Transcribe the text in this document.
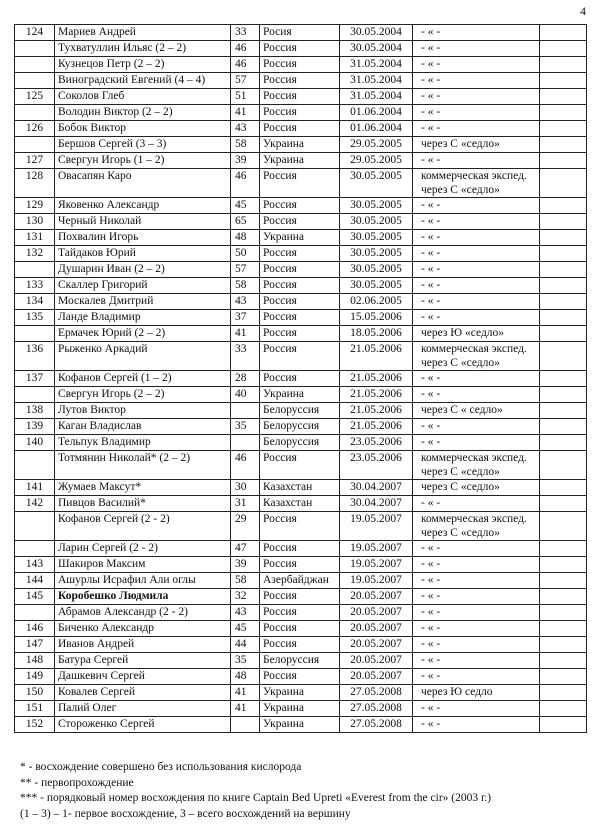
4
124	Мариев Андрей	33	Росия	30.05.2004	- « -	
	Тухватуллин Ильяс (2 – 2)	46	Россия	30.05.2004	- « -	
	Кузнецов Петр (2 – 2)	46	Россия	31.05.2004	- « -	
	Виноградский Евгений (4 – 4)	57	Россия	31.05.2004	- « -	
125	Соколов Глеб	51	Россия	31.05.2004	- « -	
	Володин Виктор (2 – 2)	41	Россия	01.06.2004	- « -	
126	Бобок Виктор	43	Россия	01.06.2004	- « -	
	Бершов Сергей (3 – 3)	58	Украина	29.05.2005	через С «седло»	
127	Свергун Игорь (1 – 2)	39	Украина	29.05.2005	- « -	
128	Овасапян Каро	46	Россия	30.05.2005	коммерческая экспед. через С «седло»	
129	Яковенко Александр	45	Россия	30.05.2005	- « -	
130	Черный Николай	65	Россия	30.05.2005	- « -	
131	Похвалин Игорь	48	Украина	30.05.2005	- « -	
132	Тайдаков Юрий	50	Россия	30.05.2005	- « -	
	Душарин Иван (2 – 2)	57	Россия	30.05.2005	- « -	
133	Скаллер Григорий	58	Россия	30.05.2005	- « -	
134	Москалев Дмитрий	43	Россия	02.06.2005	- « -	
135	Ланде Владимир	37	Россия	15.05.2006	- « -	
	Ермачек Юрий (2 – 2)	41	Россия	18.05.2006	через Ю «седло»	
136	Рыженко Аркадий	33	Россия	21.05.2006	коммерческая экспед. через С «седло»	
137	Кофанов Сергей (1 – 2)	28	Россия	21.05.2006	- « -	
	Свергун Игорь (2 – 2)	40	Украина	21.05.2006	- « -	
138	Лутов Виктор		Белоруссия	21.05.2006	через С « седло»	
139	Каган Владислав	35	Белоруссия	21.05.2006	- « -	
140	Тельпук Владимир		Белоруссия	23.05.2006	- « -	
	Тотмянин Николай* (2 – 2)	46	Россия	23.05.2006	коммерческая экспед. через С «седло»	
141	Жумаев Максут*	30	Казахстан	30.04.2007	через С «седло»	
142	Пивцов Василий*	31	Казахстан	30.04.2007	- « -	
	Кофанов Сергей (2 - 2)	29	Россия	19.05.2007	коммерческая экспед. через С «седло»	
	Ларин Сергей (2 - 2)	47	Россия	19.05.2007	- « -	
143	Шакиров Максим	39	Россия	19.05.2007	- « -	
144	Ашурлы Исрафил Али оглы	58	Азербайджан	19.05.2007	- « -	
145	Коробешко Людмила	32	Россия	20.05.2007	- « -	
	Абрамов Александр (2 - 2)	43	Россия	20.05.2007	- « -	
146	Биченко Александр	45	Россия	20.05.2007	- « -	
147	Иванов Андрей	44	Россия	20.05.2007	- « -	
148	Батура Сергей	35	Белоруссия	20.05.2007	- « -	
149	Дашкевич Сергей	48	Россия	20.05.2007	- « -	
150	Ковалев Сергей	41	Украина	27.05.2008	через Ю седло	
151	Палий Олег	41	Украина	27.05.2008	- « -	
152	Стороженко Сергей		Украина	27.05.2008	- « -	
* - восхождение совершено без использования кислорода
** - первопрохождение
*** - порядковый номер восхождения по книге Captain Bed Upreti «Everest from the cir» (2003 г.)
(1 – 3) – 1- первое восхождение, 3 – всего восхождений на вершину
